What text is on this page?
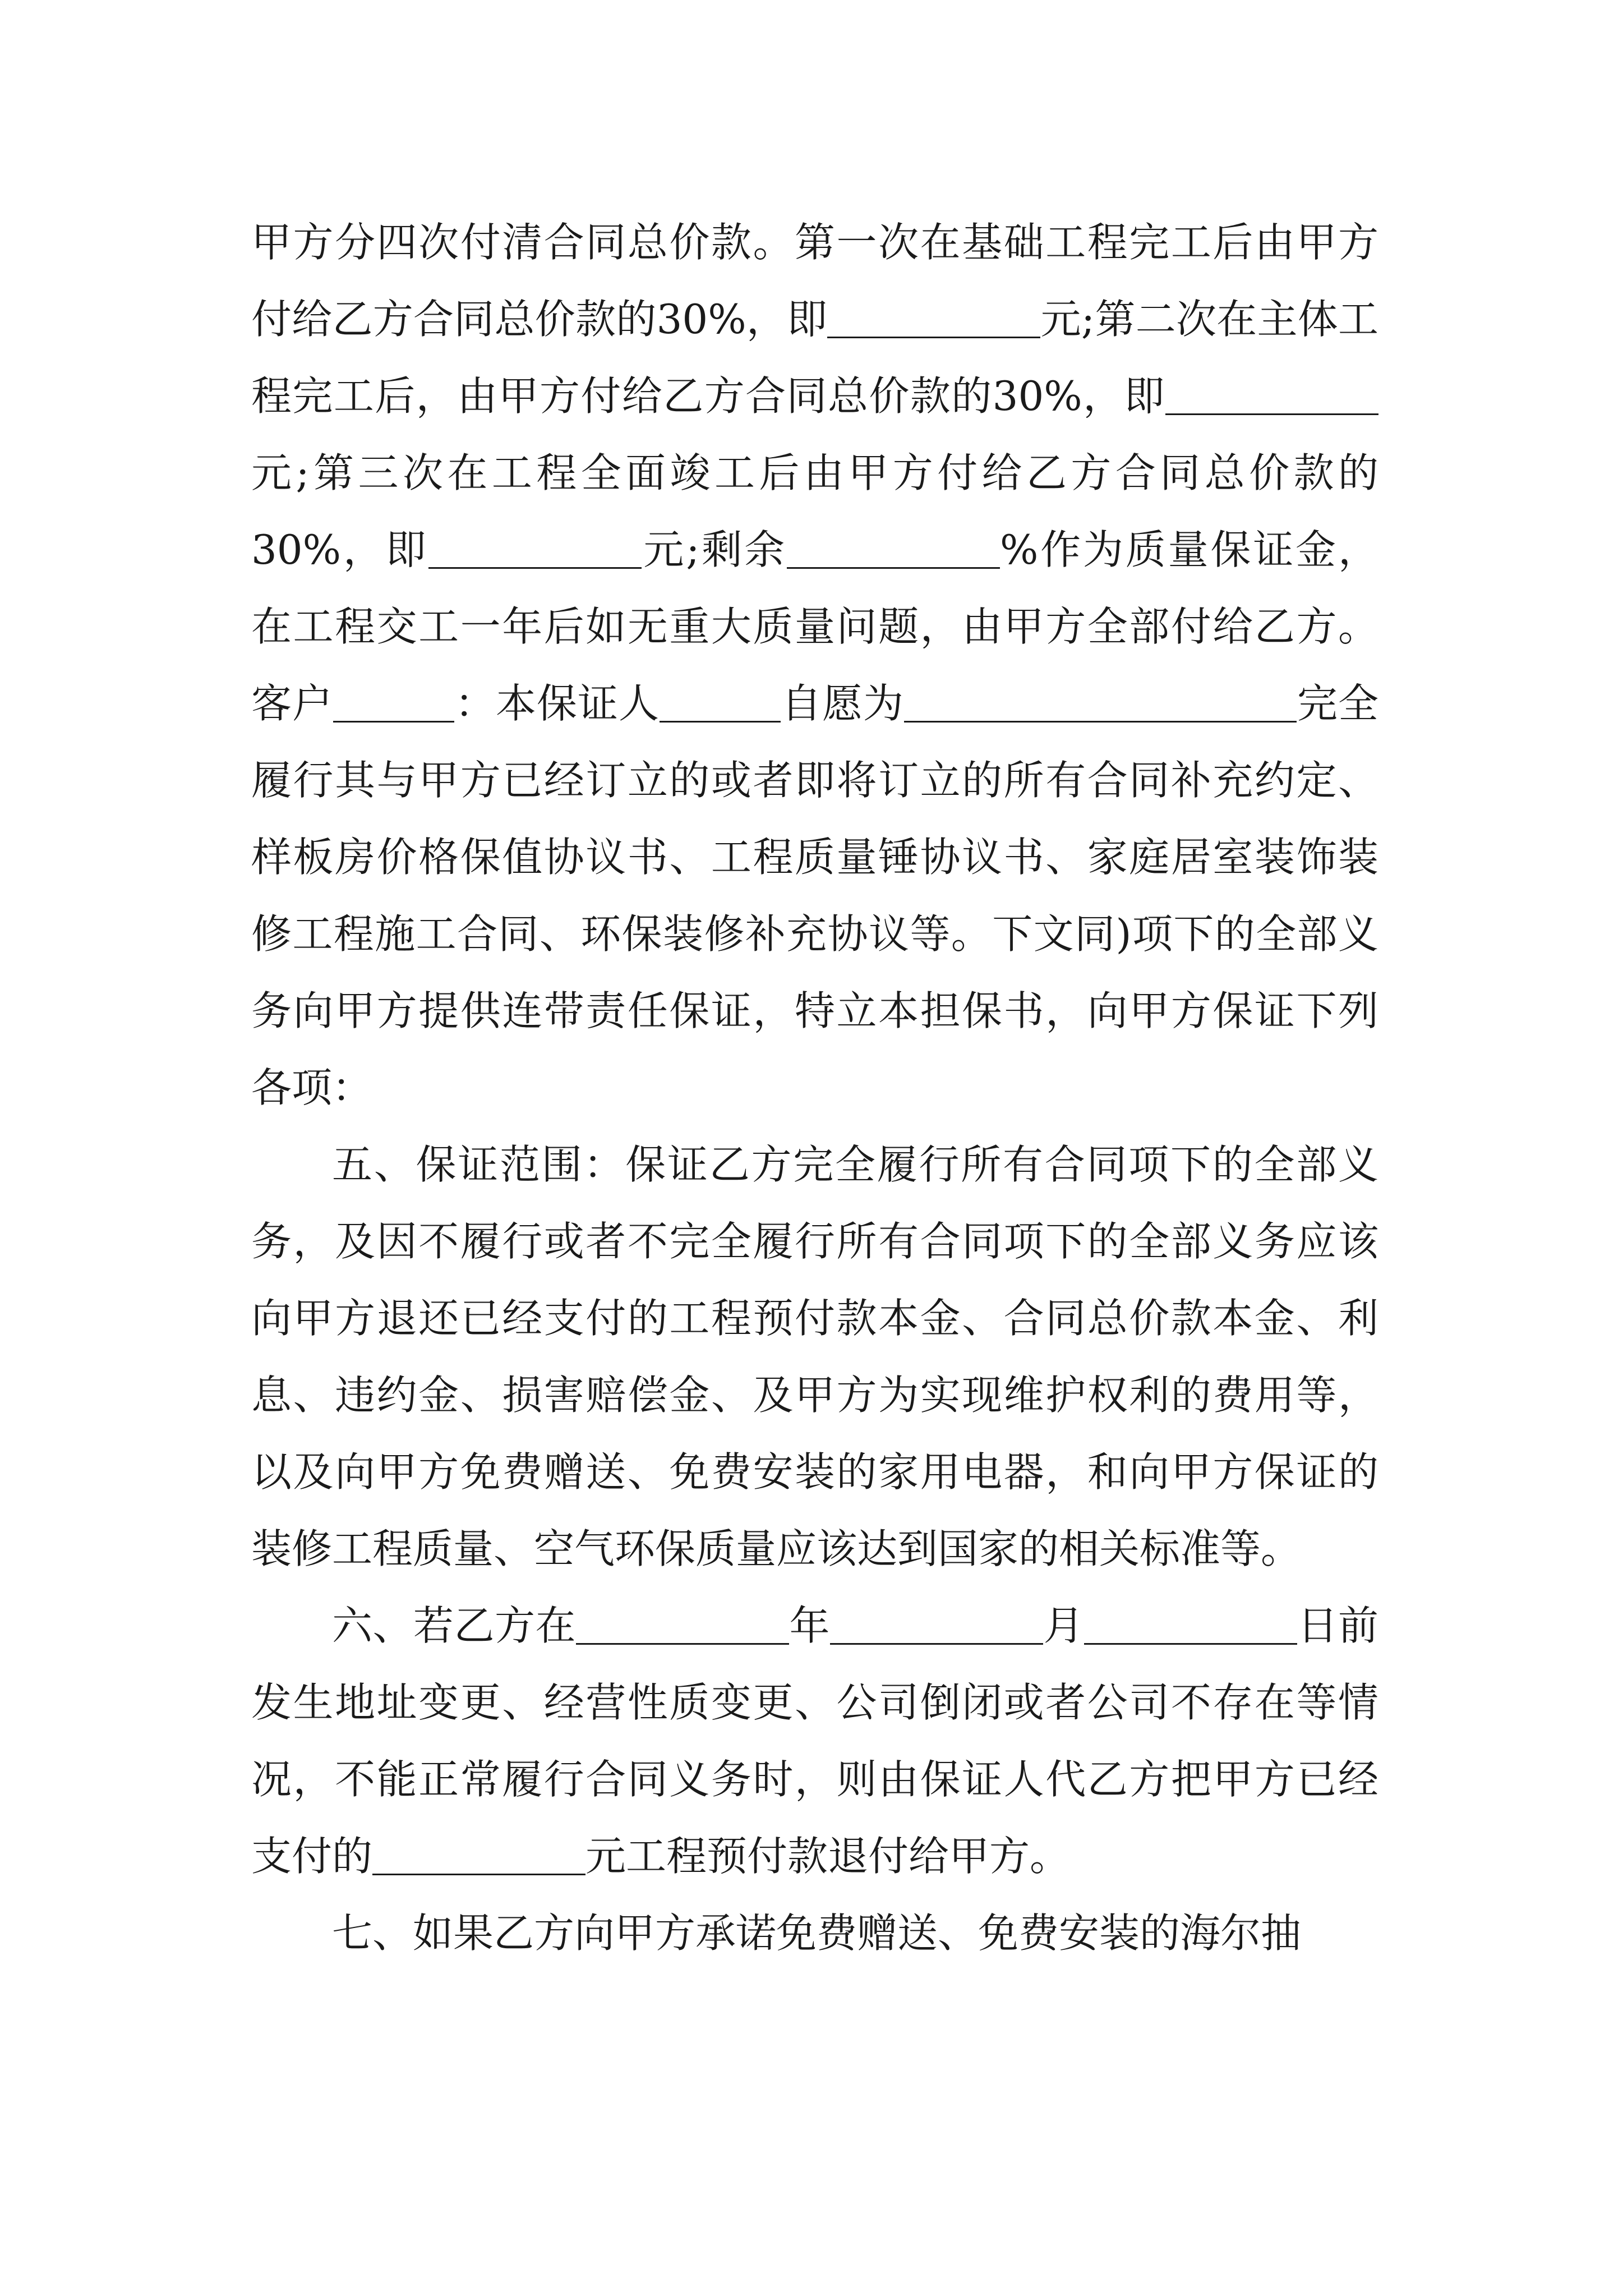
甲方分四次付清合同总价款。第一次在基础工程完工后由甲方付给乙方合同总价款的30%，即	元;第二次在主体工程完工后，由甲方付给乙方合同总价款的30%，即元;第三次在工程全面竣工后由甲方付给乙方合同总价款的30%，即	元;剩余	%作为质量保证金，在工程交工一年后如无重大质量问题，由甲方全部付给乙方。客户	：本保证人	自愿为	完全履行其与甲方已经订立的或者即将订立的所有合同补充约定、样板房价格保值协议书、工程质量锤协议书、家庭居室装饰装修工程施工合同、环保装修补充协议等。下文同)项下的全部义务向甲方提供连带责任保证，特立本担保书，向甲方保证下列各项：

五、保证范围：保证乙方完全履行所有合同项下的全部义务，及因不履行或者不完全履行所有合同项下的全部义务应该向甲方退还已经支付的工程预付款本金、合同总价款本金、利息、违约金、损害赔偿金、及甲方为实现维护权利的费用等，以及向甲方免费赠送、免费安装的家用电器，和向甲方保证的装修工程质量、空气环保质量应该达到国家的相关标准等。

六、若乙方在	年	月	日前发生地址变更、经营性质变更、公司倒闭或者公司不存在等情况，不能正常履行合同义务时，则由保证人代乙方把甲方已经支付的	元工程预付款退付给甲方。

七、如果乙方向甲方承诺免费赠送、免费安装的海尔抽
